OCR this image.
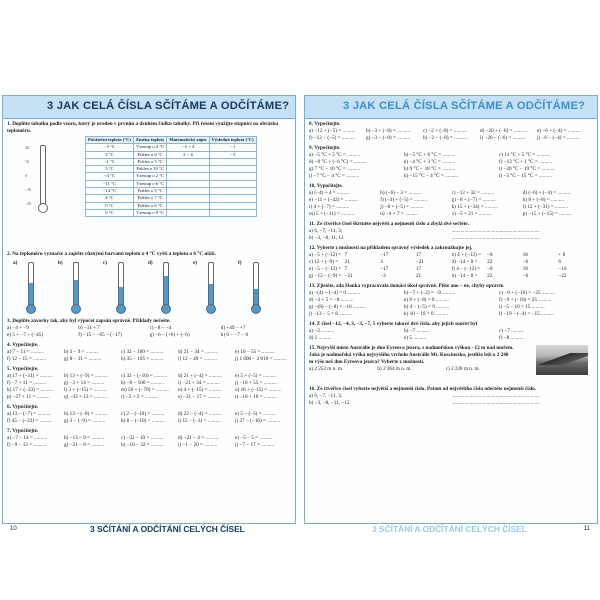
3 JAK CELÁ ČÍSLA SČÍTÁME A ODČÍTÁME?
1. Doplňte tabulku podle vzoru, který je uveden v prvním a druhém řádku tabulky. Při řešení využijte stupnici na obrázku teploměru.
20
10
0
−10
−20
Počáteční teplota (°C)	Změna teploty	Matematický zápis	Výsledná teplota (°C)
−5 °C	Vzestup o 4 °C	−5 + 4	−1
3 °C	Pokles o 6 °C	3 − 6	−3
−1 °C	Pokles o 5 °C		
5 °C	Pokles o 10 °C		
−4 °C	Vzestup o 2 °C		
−11 °C	Vzestup o 6 °C		
−14 °C	Pokles o 5 °C		
4 °C	Pokles o 7 °C		
0 °C	Pokles o 6 °C		
0 °C	Vzestup o 8 °C		
2. Na teploměru vyznačte a zapište různými barvami teplotu o 4 °C vyšší a teplotu o 6 °C nižší.
a)	b)	c)	d)	e)	f)
3. Doplňte závorky tak, aby byl výpočet zapsán správně. Příklady nečešte.
a) −4 + −9	b) −11 + 7	c) −8 − −4	d) +49 − +7
e) 5 + −7 + (−45)	f) −15 − −65 − (−17)	g) −6 − (+6) + (−6)	h) 0 − −7 − 6
4. Vypočítejte.
a) 7 − 11 = ..........	b) 3 − 9 = ..........	c) 32 − 100 = ..........	d) 21 − 34 = ..........	e) 10 − 55 = ..........
f) 12 − 15 = ..........	g) 8 − 31 = ..........	h) 35 − 105 = ..........	i) 12 − 49 = ..........	j) 1 000 − 2 010 = ..........
5. Vypočítejte.
a) 17 + (−11) = ..........	b) 13 + (−9) = ..........	c) 32 − (−10) = ..........	d) 21 + (−4) = ..........	e) 5 + (−5) = ..........
f) −7 + 11 = ..........	g) −3 + 14 = ..........	h) −8 − 100 = ..........	i) −21 + 34 = ..........	j) −10 + 55 = ..........
k) 17 + (−23) = ..........	l) 3 + (−15) = ..........	m) 56 + (−70) = ..........	n) 4 + (−15) = ..........	o) 16 + (−15) = ..........
p) −27 + 11 = ..........	q) −43 + 13 = ..........	r) −2 + 2 = ..........	s) −21 − 17 = ..........	t) −10 + 10 = ..........
6. Vypočítejte.
a) 13 − (−7) = ..........	b) 13 − (−8) = ..........	c) 2 − (−10) = ..........	d) 22 − (−4) = ..........	e) 5 − (−5) = ..........
f) 45 − (−23) = ..........	g) 3 − (−9) = ..........	h) 8 − (−10) = ..........	i) 15 − (−3) = ..........	j) 27 − (−16) = ..........
7. Vypočítejte.
a) −7 − 14 = ..........	b) −13 − 9 = ..........	c) −32 − 10 = ..........	d) −21 − 4 = ..........	e) −5 − 5 = ..........
f) −9 − 12 = ..........	g) −31 − 8 = ..........	h) −10 − 32 = ..........	i) −1 − 20 = ..........	j) −7 − 17 = ..........
10	3 SČÍTÁNÍ A ODČÍTÁNÍ CELÝCH ČÍSEL
3 JAK CELÁ ČÍSLA SČÍTÁME A ODČÍTÁME?
8. Vypočítejte.
a) −12 + (−5) = ..........	b) −3 + (−8) = ..........	c) −2 + (−8) = ..........	d) −20 + (−6) = ..........	e) −6 + (−4) = ..........
f) −12 − (−5) = ..........	g) −3 − (−8) = ..........	h) −2 − (−8) = ..........	i) −20 − (−6) = ..........	j) −6 − (−4) = ..........
9. Vypočítejte.
a) −5 °C + 5 °C = ..........	b) −5 °C + 6 °C = ..........	c) 11 °C + 5 °C = ..........
d) −8 °C + (−6 °C) = ..........	e) −4 °C + 3 °C = ..........	f) −12 °C + 1 °C = ..........
g) 7 °C − 10 °C = ..........	h) 9 °C − 18 °C = ..........	i) −20 °C − 19 °C = ..........
j) −7 °C − 4 °C = ..........	k) −15 °C − 4 °C = ..........	l) −3 °C − 15 °C = ..........
10. Vypočítejte.
a) (−4) + 4 = ..........	b) (−6) − 3 = ..........	c) −12 + 32 = ..........	d) (−6) + (−4) = ..........
e) −11 + (−42) = ..........	f) (−3) + (−5) = ..........	g) −8 + (−7) = ..........	h) 8 + (−8) = ..........
i) 4 + (−7) = ..........	j) −8 + (−5) = ..........	k) 15 + (−34) = ..........	l) 12 + (−31) = ..........
m) 5 + (−11) = ..........	n) −4 + 7 = ..........	o) −5 + 21 = ..........	p) −15 + (−15) = ..........
11. Ze čtveřice čísel škrtněte největší a nejmenší číslo a zbylá dvě sečtěte.
a) 6, −7, −11, 3;	....................................................................
b) −3, −8, 11, 12	....................................................................
12. Vyberte z možností na příkladem správný výsledek a zakroužkujte jej.
a) −5 + (−12) = 7	−17	17	b) 4 + (−12) =	−8	16	+ 8
c) 12 + (−9) =	21	3	−21	d) −14 + 8 =	22	−6	6
e) −5 − (−12) = 7	−17	17	f) 4 − (−12) =	−8	16	−16
g) −12 − (−9) = −21	−3	21	h) −14 − 8 =	22	−6	−22
13. Zjistěte, zda Hanka vypracovala domácí úkol správně. Pište ano – ne, chyby opravte.
a) −(4) + (−4) = 0 ..........	b) −7 + (−2) = −9 ..........	c) −9 + (−16) = −25 ..........
d) −3 + 5 = −8 ..........	e) 8 + (−8) = 0 ..........	f) −9 + (−16) = 25 ..........
g) −(8) − (−8) = −16 ..........	h) 4 − (−5) = 9 ..........	i) −5 − 10 = 15 ..........
j) −13 − 5 = 8 ..........	k) 10 − 10 = 0 ..........	l) −19 − (−4) = −15 ..........
14. Z čísel −12, −4, 3, −3, −7, 5 vyberte takové dvě čísla, aby jejich součet byl
a) −2 ..........	b) −7 ..........	c) −7 ..........
d) 1 ..........	e) 5 ..........	f) −8 ..........
15. Nejvyšší místo Austrálie je dno Eyreova jezera, s nadmořskou výškou −12 m nad mořem. Jaká je nadmořská výška nejvyššího vrcholu Austrálie Mt. Kosciuszko, jestliže leží o 2 240 m výše než dno Eyreova jezera? Vyberte z možností.
a) 2 252 m n. m.	b) 2 264 m n. m.	c) 2 228 m n. m.
16. Ze čtveřice čísel vyberte největší a nejmenší číslo. Potom od největšího čísla odečtěte nejmenší číslo.
a) 6, −7, −11, 3;	....................................................................
b) −3, −8, −11, −12	....................................................................
11
3 SČÍTÁNÍ A ODČÍTÁNÍ CELÝCH ČÍSEL
